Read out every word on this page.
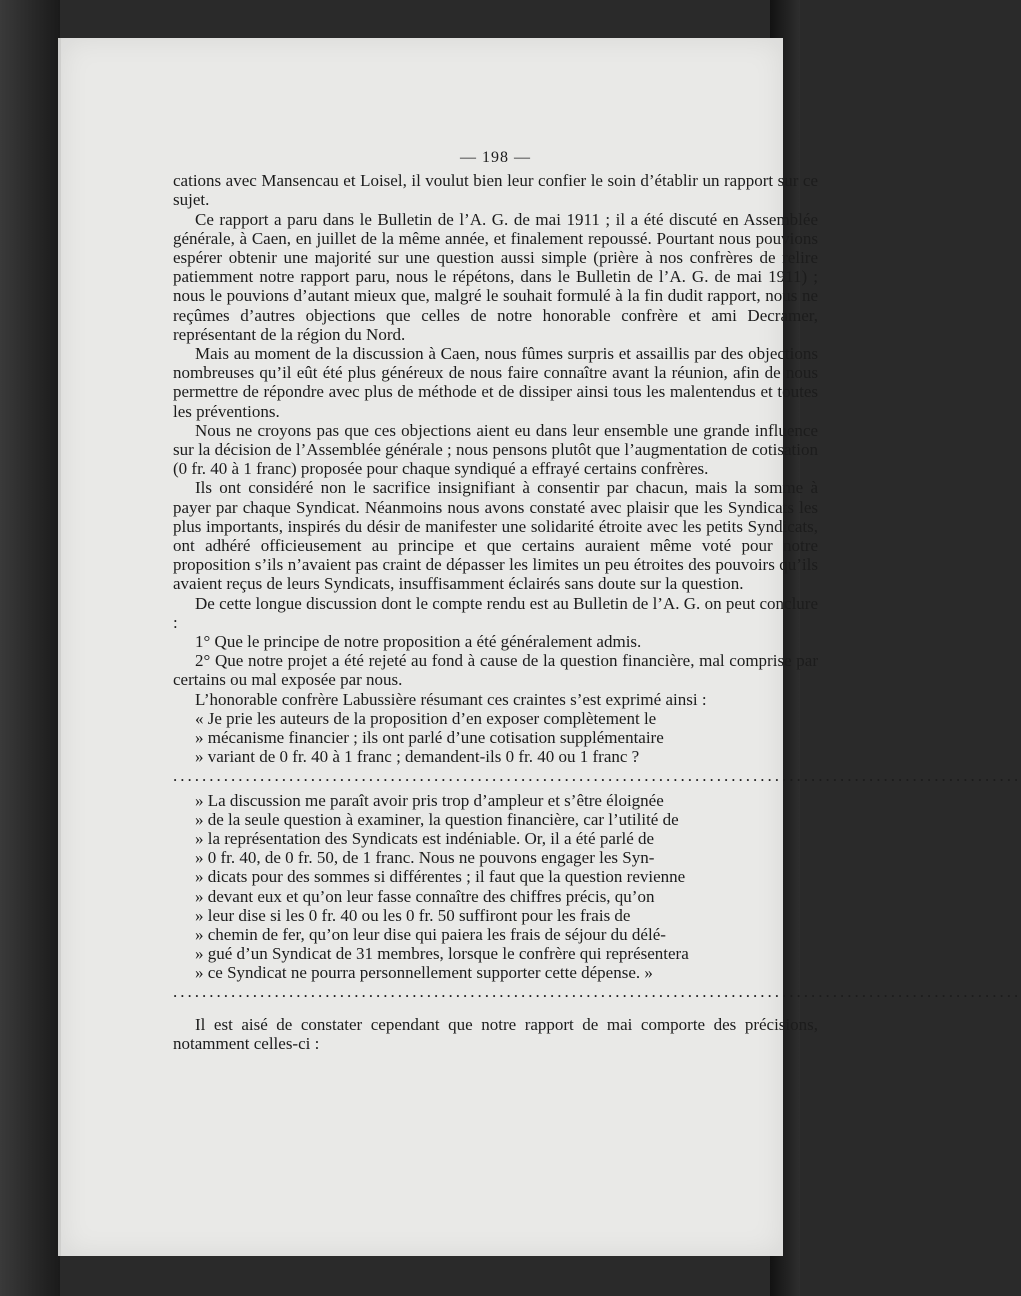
— 198 —

cations avec Mansencau et Loisel, il voulut bien leur confier le soin d’établir un rapport sur ce sujet.

Ce rapport a paru dans le Bulletin de l’A. G. de mai 1911 ; il a été discuté en Assemblée générale, à Caen, en juillet de la même année, et finalement repoussé. Pourtant nous pouvions espérer obtenir une majorité sur une question aussi simple (prière à nos confrères de relire patiemment notre rapport paru, nous le répétons, dans le Bulletin de l’A. G. de mai 1911) ; nous le pouvions d’autant mieux que, malgré le souhait formulé à la fin dudit rapport, nous ne reçûmes d’autres objections que celles de notre honorable confrère et ami Decramer, représentant de la région du Nord.

Mais au moment de la discussion à Caen, nous fûmes surpris et assaillis par des objections nombreuses qu’il eût été plus généreux de nous faire connaître avant la réunion, afin de nous permettre de répondre avec plus de méthode et de dissiper ainsi tous les malentendus et toutes les préventions.

Nous ne croyons pas que ces objections aient eu dans leur ensemble une grande influence sur la décision de l’Assemblée générale ; nous pensons plutôt que l’augmentation de cotisation (0 fr. 40 à 1 franc) proposée pour chaque syndiqué a effrayé certains confrères.

Ils ont considéré non le sacrifice insignifiant à consentir par chacun, mais la somme à payer par chaque Syndicat. Néanmoins nous avons constaté avec plaisir que les Syndicats les plus importants, inspirés du désir de manifester une solidarité étroite avec les petits Syndicats, ont adhéré officieusement au principe et que certains auraient même voté pour notre proposition s’ils n’avaient pas craint de dépasser les limites un peu étroites des pouvoirs qu’ils avaient reçus de leurs Syndicats, insuffisamment éclairés sans doute sur la question.

De cette longue discussion dont le compte rendu est au Bulletin de l’A. G. on peut conclure :

1° Que le principe de notre proposition a été généralement admis.

2° Que notre projet a été rejeté au fond à cause de la question financière, mal comprise par certains ou mal exposée par nous.

L’honorable confrère Labussière résumant ces craintes s’est exprimé ainsi :

« Je prie les auteurs de la proposition d’en exposer complètement le

» mécanisme financier ; ils ont parlé d’une cotisation supplémentaire

» variant de 0 fr. 40 à 1 franc ; demandent-ils 0 fr. 40 ou 1 franc ?

.....................................................................................................................

» La discussion me paraît avoir pris trop d’ampleur et s’être éloignée

» de la seule question à examiner, la question financière, car l’utilité de

» la représentation des Syndicats est indéniable. Or, il a été parlé de

» 0 fr. 40, de 0 fr. 50, de 1 franc. Nous ne pouvons engager les Syn-

» dicats pour des sommes si différentes ; il faut que la question revienne

» devant eux et qu’on leur fasse connaître des chiffres précis, qu’on

» leur dise si les 0 fr. 40 ou les 0 fr. 50 suffiront pour les frais de

» chemin de fer, qu’on leur dise qui paiera les frais de séjour du délé-

» gué d’un Syndicat de 31 membres, lorsque le confrère qui représentera

» ce Syndicat ne pourra personnellement supporter cette dépense. »

.....................................................................................................................

Il est aisé de constater cependant que notre rapport de mai comporte des précisions, notamment celles-ci :
